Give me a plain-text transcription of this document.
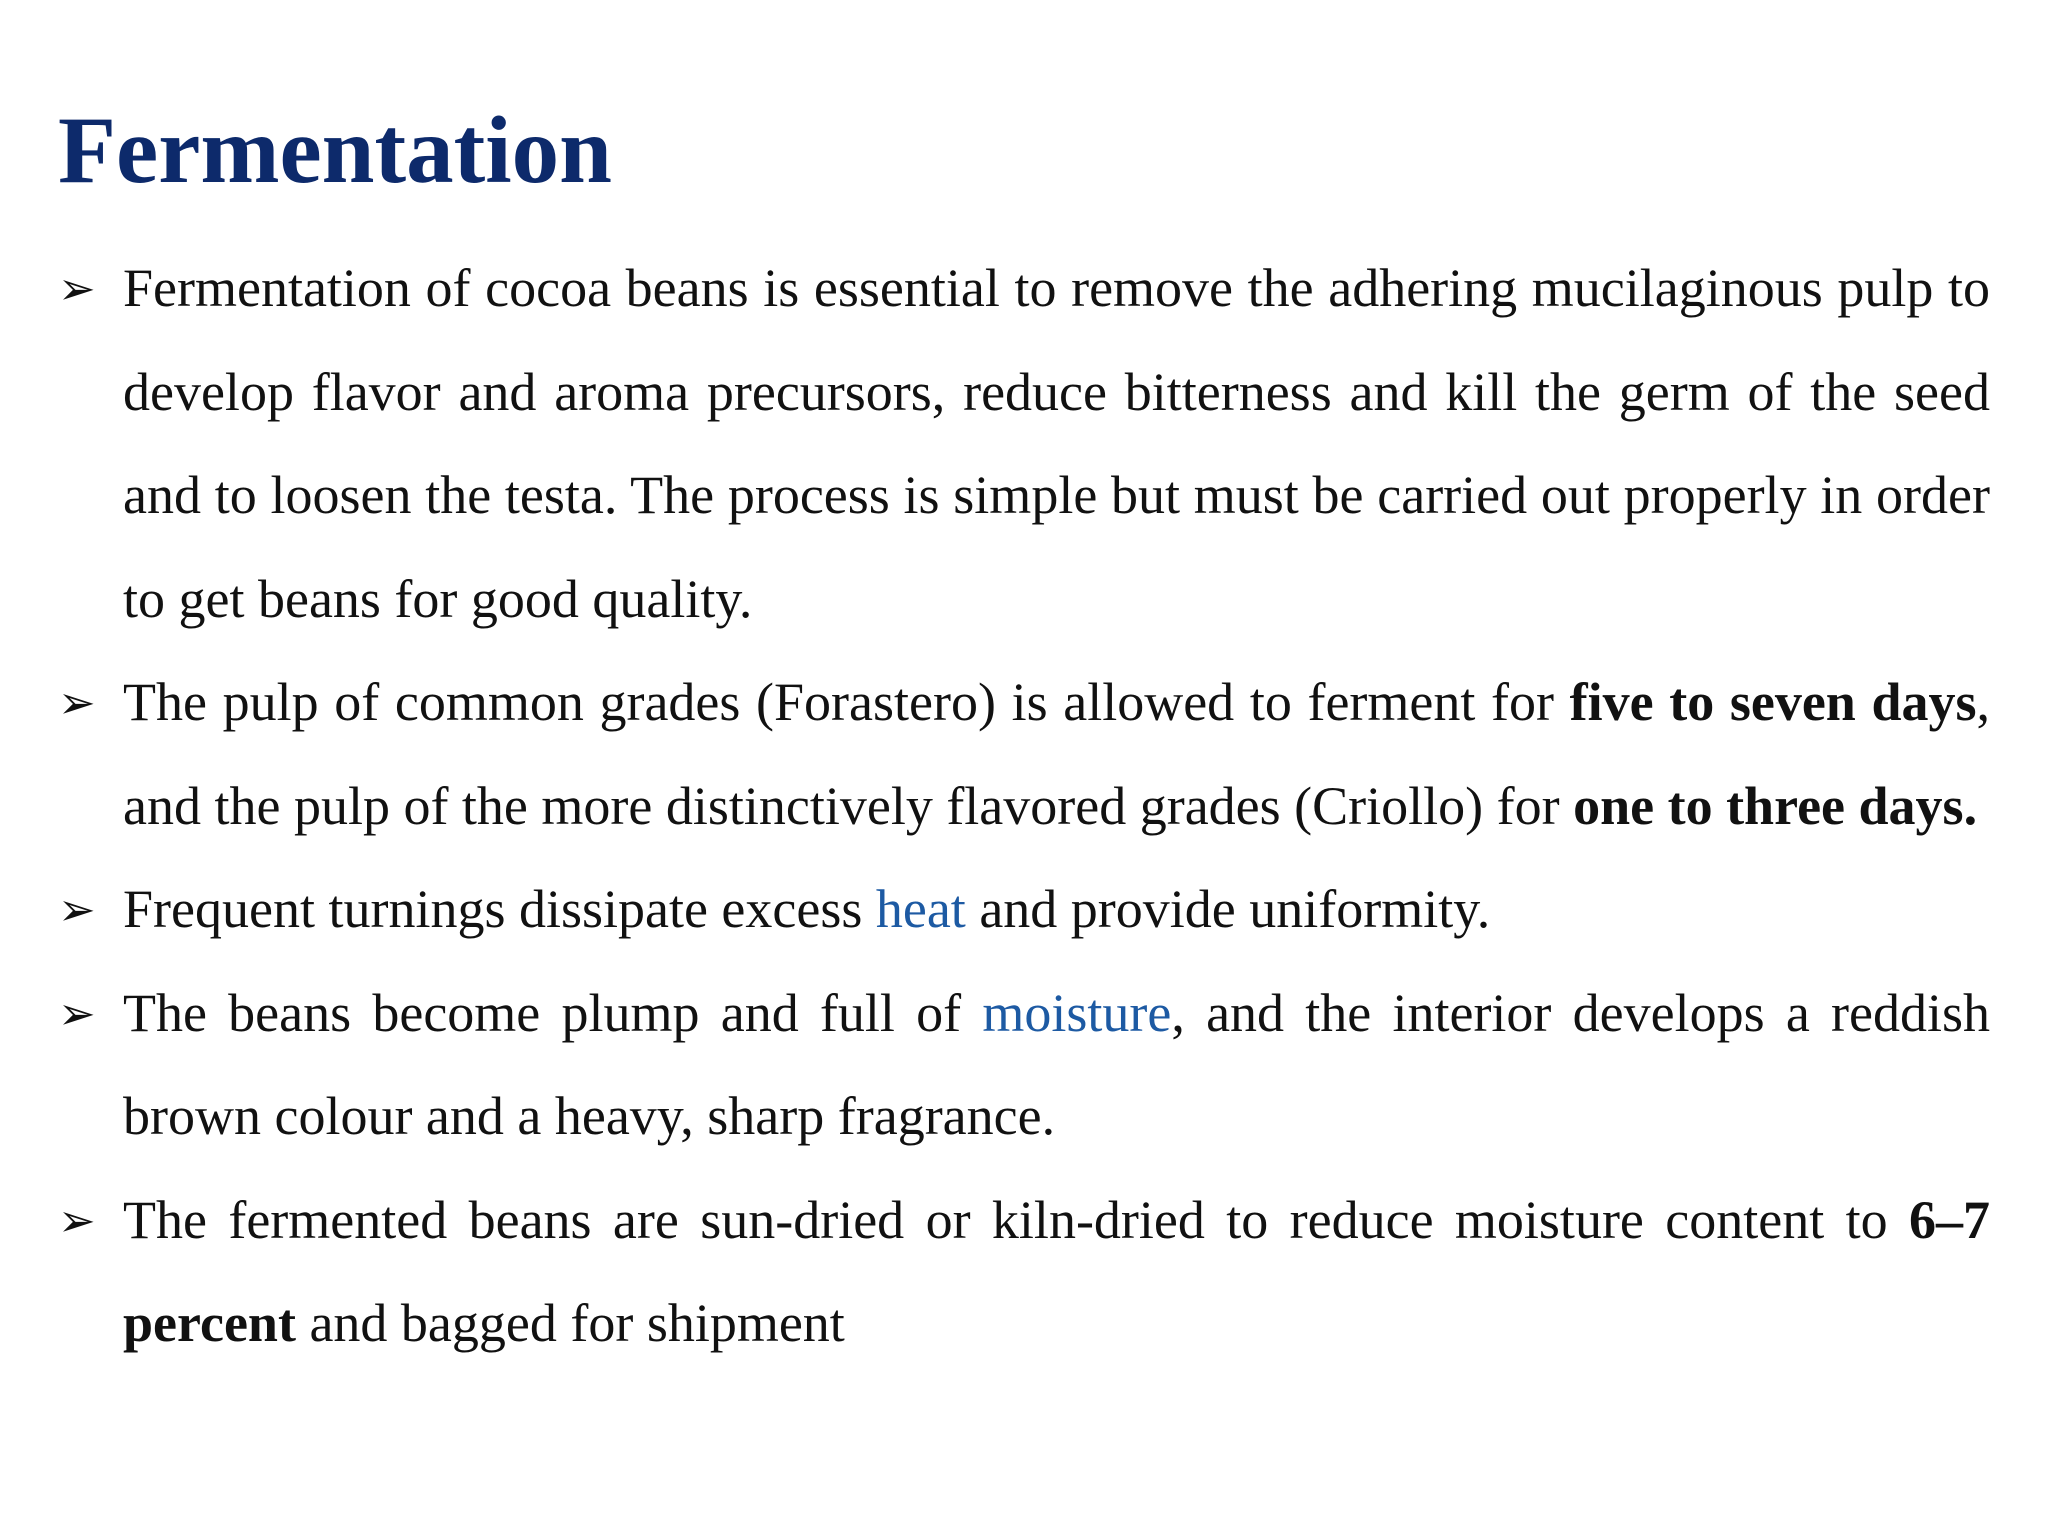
Fermentation
➢ Fermentation of cocoa beans is essential to remove the adhering mucilaginous pulp to develop flavor and aroma precursors, reduce bitterness and kill the germ of the seed and to loosen the testa. The process is simple but must be carried out properly in order to get beans for good quality.
➢ The pulp of common grades (Forastero) is allowed to ferment for five to seven days, and the pulp of the more distinctively flavored grades (Criollo) for one to three days.
➢ Frequent turnings dissipate excess heat and provide uniformity.
➢ The beans become plump and full of moisture, and the interior develops a reddish brown colour and a heavy, sharp fragrance.
➢ The fermented beans are sun-dried or kiln-dried to reduce moisture content to 6–7 percent and bagged for shipment
